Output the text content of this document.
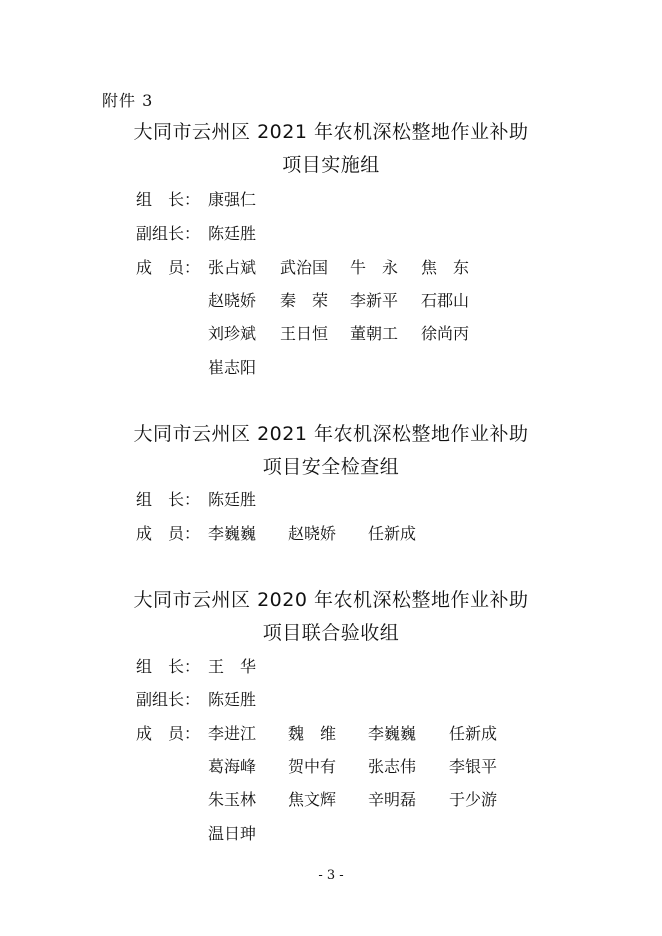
附件 3
大同市云州区 2021 年农机深松整地作业补助
项目实施组
组　长： 康强仁
副组长： 陈廷胜
成　员： 张占斌 武治国 牛　永 焦　东
赵晓娇 秦　荣 李新平 石郡山
刘珍斌 王日恒 董朝工 徐尚丙
崔志阳
大同市云州区 2021 年农机深松整地作业补助
项目安全检查组
组　长： 陈廷胜
成　员： 李巍巍 赵晓娇 任新成
大同市云州区 2020 年农机深松整地作业补助
项目联合验收组
组　长： 王　华
副组长： 陈廷胜
成　员： 李进江 魏　维 李巍巍 任新成
葛海峰 贺中有 张志伟 李银平
朱玉林 焦文辉 辛明磊 于少游
温日珅
- 3 -
